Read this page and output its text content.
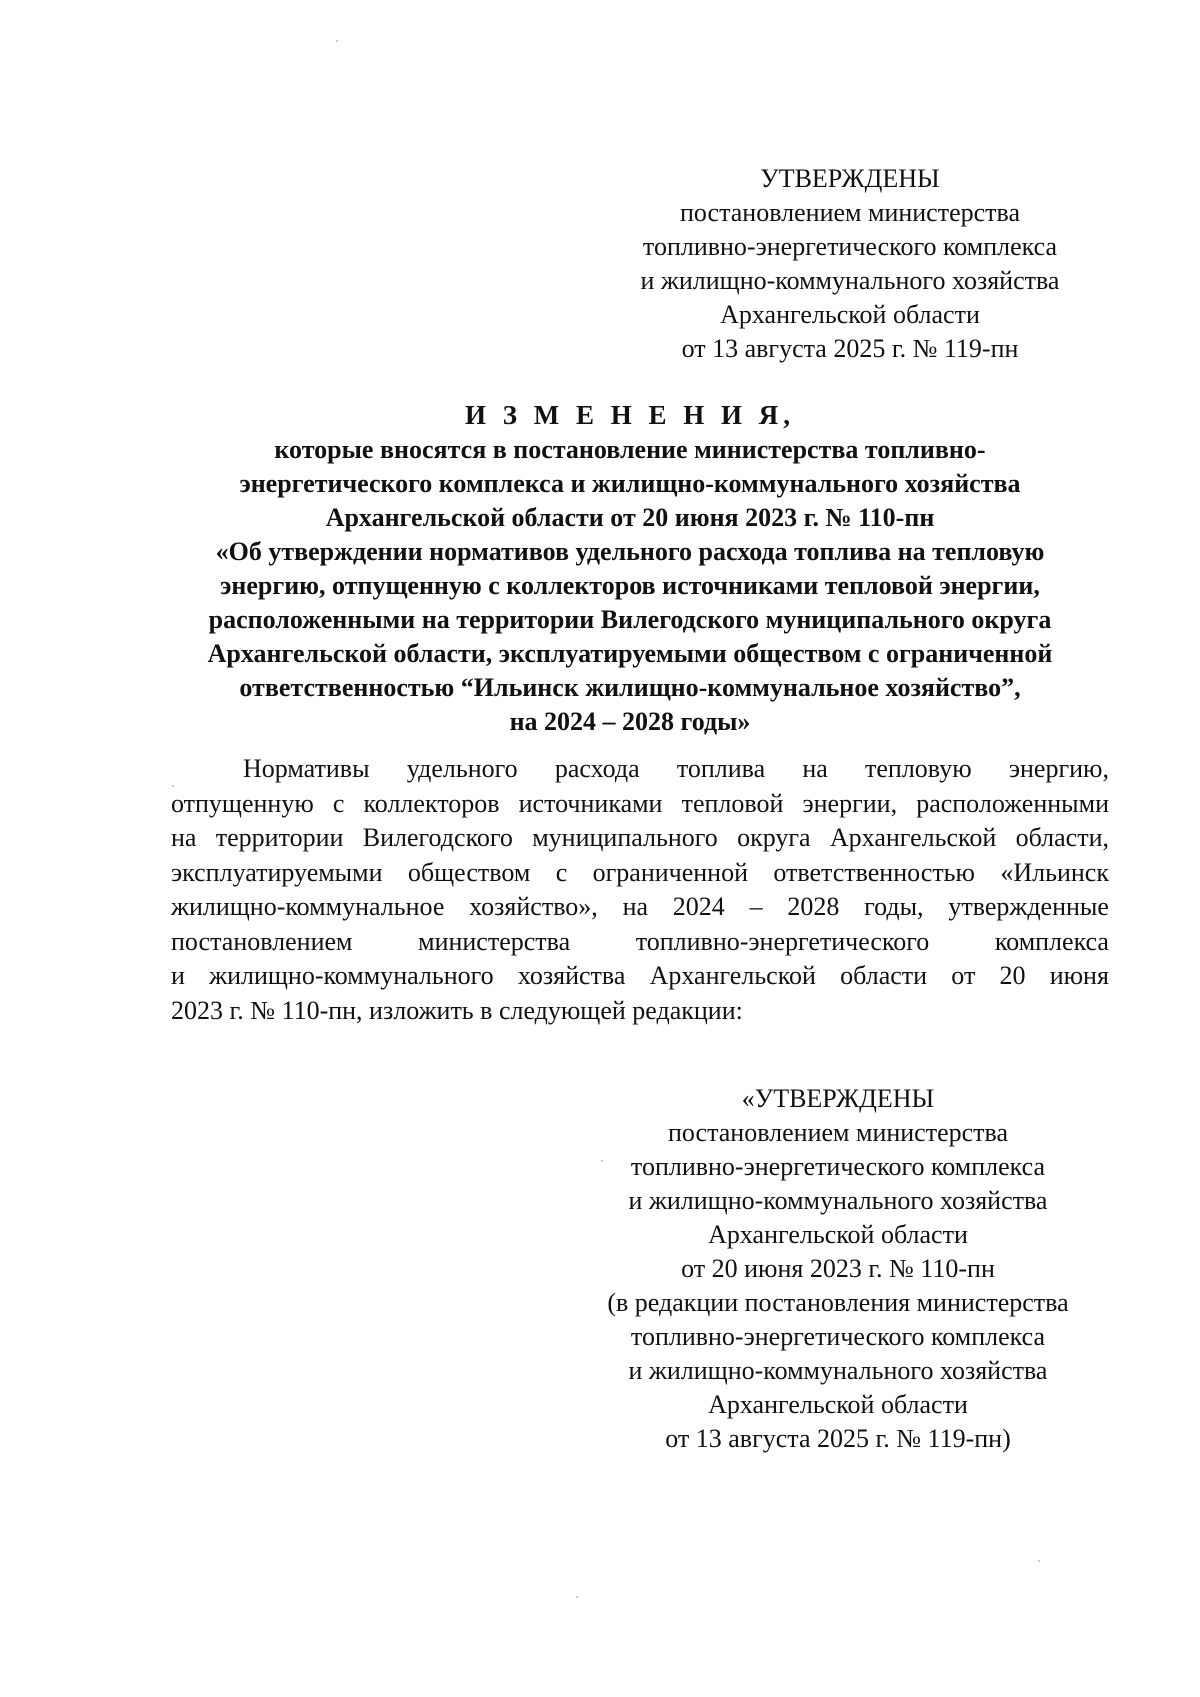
УТВЕРЖДЕНЫ
постановлением министерства
топливно-энергетического комплекса
и жилищно-коммунального хозяйства
Архангельской области
от 13 августа 2025 г. № 119-пн
И З М Е Н Е Н И Я,
которые вносятся в постановление министерства топливно-
энергетического комплекса и жилищно-коммунального хозяйства
Архангельской области от 20 июня 2023 г. № 110-пн
«Об утверждении нормативов удельного расхода топлива на тепловую
энергию, отпущенную с коллекторов источниками тепловой энергии,
расположенными на территории Вилегодского муниципального округа
Архангельской области, эксплуатируемыми обществом с ограниченной
ответственностью “Ильинск жилищно-коммунальное хозяйство”,
на 2024 – 2028 годы»
Нормативы удельного расхода топлива на тепловую энергию,
отпущенную с коллекторов источниками тепловой энергии, расположенными
на территории Вилегодского муниципального округа Архангельской области,
эксплуатируемыми обществом с ограниченной ответственностью «Ильинск
жилищно-коммунальное хозяйство», на 2024 – 2028 годы, утвержденные
постановлением	министерства	топливно-энергетического	комплекса
и жилищно-коммунального хозяйства Архангельской области от 20 июня
2023 г. № 110-пн, изложить в следующей редакции:
«УТВЕРЖДЕНЫ
постановлением министерства
топливно-энергетического комплекса
и жилищно-коммунального хозяйства
Архангельской области
от 20 июня 2023 г. № 110-пн
(в редакции постановления министерства
топливно-энергетического комплекса
и жилищно-коммунального хозяйства
Архангельской области
от 13 августа 2025 г. № 119-пн)
